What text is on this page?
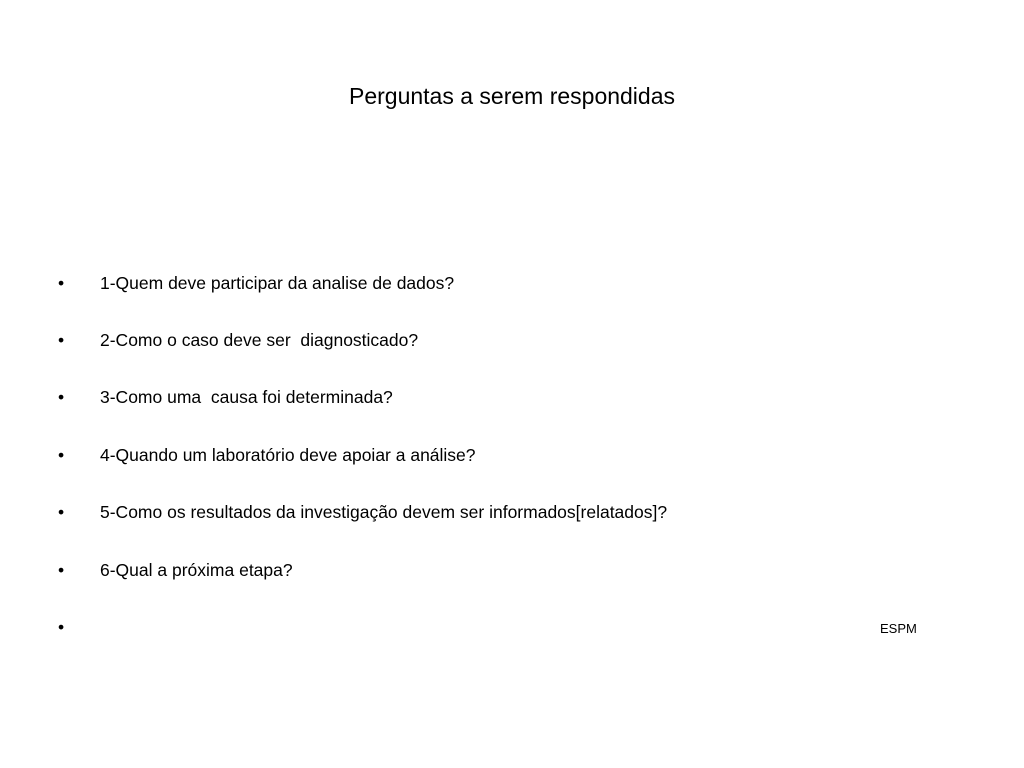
Perguntas a serem respondidas

•

	1-Quem deve participar da analise de dados?

•

	2-Como o caso deve ser  diagnosticado?

•

	3-Como uma  causa foi determinada?

•

	4-Quando um laboratório deve apoiar a análise?

•

	5-Como os resultados da investigação devem ser informados[relatados]?

•

	6-Qual a próxima etapa?

•

	ESPM
